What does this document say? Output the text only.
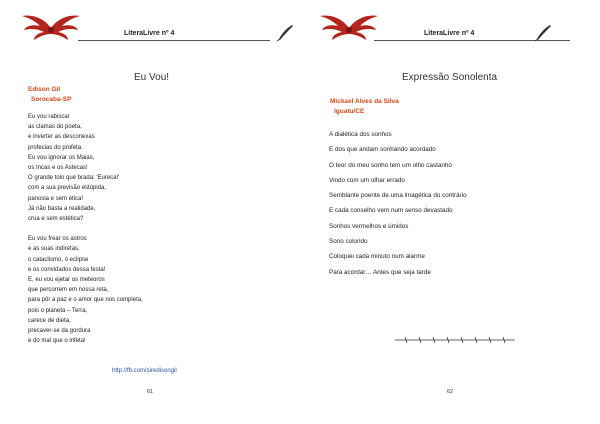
LiteraLivre nº 4
Eu Vou!
Edison Gil
Sorocaba-SP
Eu vou rabiscar
as clamas do poeta,
e inverter as desconexas
profecias do profeta.
Eu vou ignorar os Maias,
os Incas e os Astecas!
O grande tolo que brada: 'Eureca!'
com a sua previsão estúpida,
panosia e sem ética!
Já não basta a realidade,
crua e sem estética?
Eu vou frear os astros
e as suas indiretas,
o cataclismo, o eclipse
e os convidados dessa festa!
E, eu vou ejetar os meteoros
que percorrem em nossa reta,
para pôr a paz e o amor que nos completa,
pois o planeta – Terra,
carece de dieta,
precaver-se da gordura
e do mal que o infeta!
http://fb.com/siredisongil
61
LiteraLivre nº 4
Expressão Sonolenta
Mickael Alves da Silva
Iguatu/CE
A dialética dos sonhos
E dos que andam sonhando acordado
O teor do meu sonho tem um olho castanho
Vindo com um olhar errado
Semblante poente de uma imagética do contrário
E cada conselho vem num senso devastado
Sonhos vermelhos e úmidos
Sono colorido
Coloquei cada minuto num alarme
Para acordar… Antes que seja tarde
62
